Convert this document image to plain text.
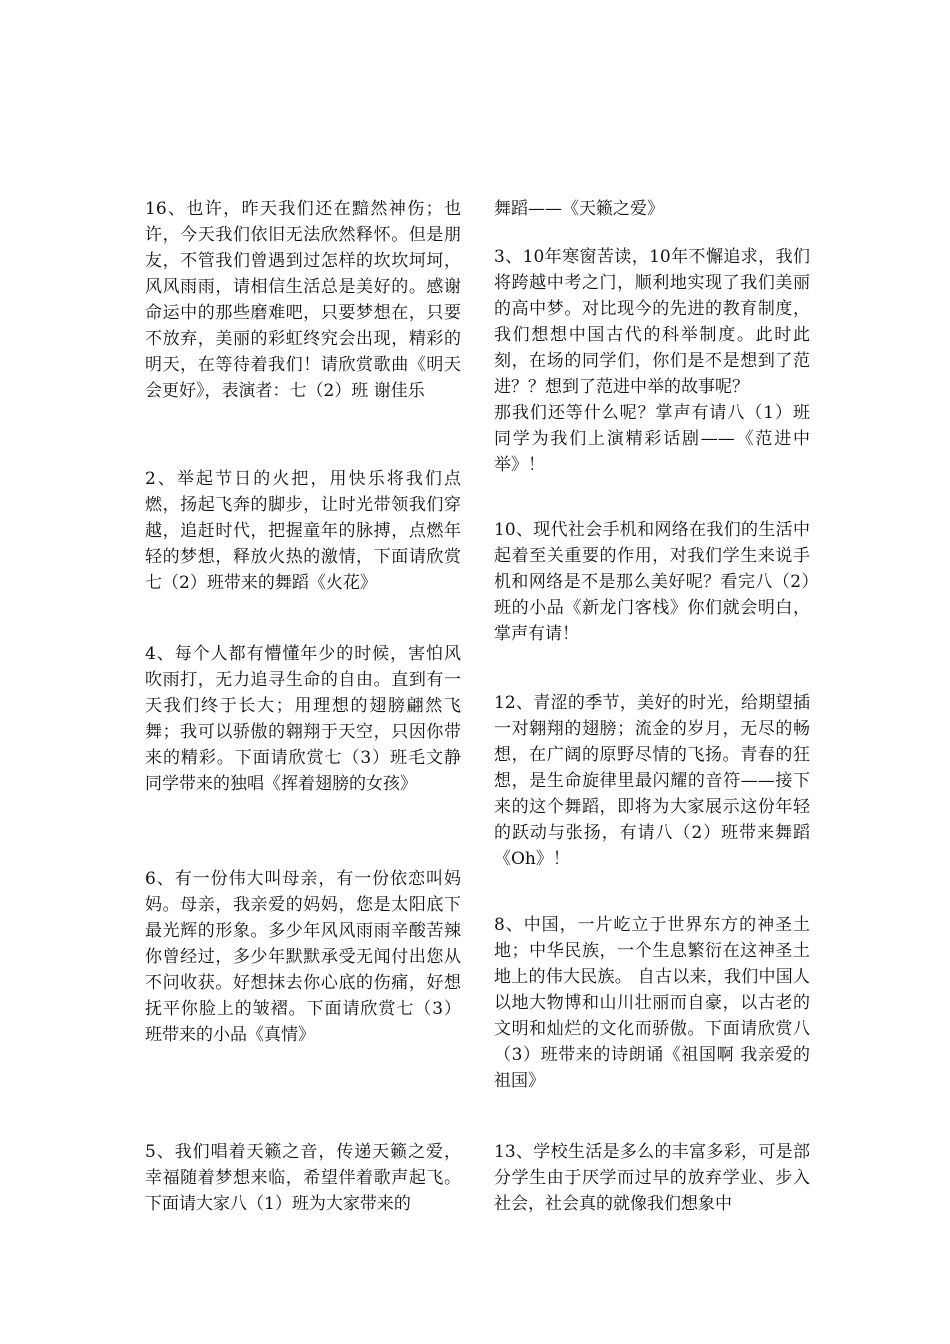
16、也许，昨天我们还在黯然神伤；也许，今天我们依旧无法欣然释怀。但是朋友，不管我们曾遇到过怎样的坎坎坷坷，风风雨雨，请相信生活总是美好的。感谢命运中的那些磨难吧，只要梦想在，只要不放弃，美丽的彩虹终究会出现，精彩的明天，在等待着我们！请欣赏歌曲《明天会更好》，表演者：七（2）班 谢佳乐

2、举起节日的火把，用快乐将我们点燃，扬起飞奔的脚步，让时光带领我们穿越，追赶时代，把握童年的脉搏，点燃年轻的梦想，释放火热的激情，下面请欣赏七（2）班带来的舞蹈《火花》

4、每个人都有懵懂年少的时候，害怕风吹雨打，无力追寻生命的自由。直到有一天我们终于长大；用理想的翅膀翩然飞舞；我可以骄傲的翱翔于天空，只因你带来的精彩。下面请欣赏七（3）班毛文静同学带来的独唱《挥着翅膀的女孩》

6、有一份伟大叫母亲，有一份依恋叫妈妈。母亲，我亲爱的妈妈，您是太阳底下最光辉的形象。多少年风风雨雨辛酸苦辣你曾经过，多少年默默承受无闻付出您从不问收获。好想抹去你心底的伤痛，好想抚平你脸上的皱褶。下面请欣赏七（3）班带来的小品《真情》

5、我们唱着天籁之音，传递天籁之爱，幸福随着梦想来临，希望伴着歌声起飞。下面请大家八（1）班为大家带来的

舞蹈——《天籁之爱》

3、10年寒窗苦读，10年不懈追求，我们将跨越中考之门，顺利地实现了我们美丽的高中梦。对比现今的先进的教育制度，我们想想中国古代的科举制度。此时此刻，在场的同学们，你们是不是想到了范进？？想到了范进中举的故事呢？
那我们还等什么呢？掌声有请八（1）班同学为我们上演精彩话剧——《范进中举》！

10、现代社会手机和网络在我们的生活中起着至关重要的作用，对我们学生来说手机和网络是不是那么美好呢？看完八（2）班的小品《新龙门客栈》你们就会明白，掌声有请！

12、青涩的季节，美好的时光，给期望插一对翱翔的翅膀；流金的岁月，无尽的畅想，在广阔的原野尽情的飞扬。青春的狂想，是生命旋律里最闪耀的音符——接下来的这个舞蹈，即将为大家展示这份年轻的跃动与张扬，有请八（2）班带来舞蹈《Oh》！

8、中国，一片屹立于世界东方的神圣土地；中华民族，一个生息繁衍在这神圣土地上的伟大民族。 自古以来，我们中国人以地大物博和山川壮丽而自豪，以古老的文明和灿烂的文化而骄傲。下面请欣赏八（3）班带来的诗朗诵《祖国啊 我亲爱的祖国》

13、学校生活是多么的丰富多彩，可是部分学生由于厌学而过早的放弃学业、步入社会，社会真的就像我们想象中
